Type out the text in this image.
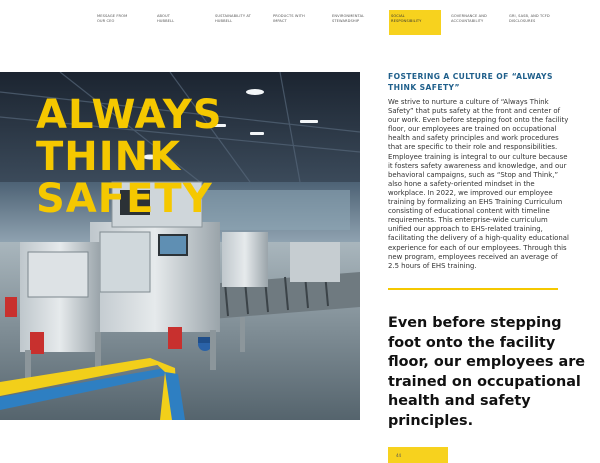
MESSAGE FROM
OUR CEO
ABOUT
HUBBELL
SUSTAINABILITY AT
HUBBELL
PRODUCTS WITH
IMPACT
ENVIRONMENTAL
STEWARDSHIP
SOCIAL
RESPONSIBILITY
GOVERNANCE AND
ACCOUNTABILITY
GRI, SASB, AND TCFD
DISCLOSURES
ALWAYS
THINK
SAFETY
FOSTERING A CULTURE OF “ALWAYS THINK SAFETY”
We strive to nurture a culture of “Always Think Safety” that puts safety at the front and center of our work. Even before stepping foot onto the facility floor, our employees are trained on occupational health and safety principles and work procedures that are specific to their role and responsibilities. Employee training is integral to our culture because it fosters safety awareness and knowledge, and our behavioral campaigns, such as “Stop and Think,” also hone a safety-oriented mindset in the workplace. In 2022, we improved our employee training by formalizing an EHS Training Curriculum consisting of educational content with timeline requirements. This enterprise-wide curriculum unified our approach to EHS-related training, facilitating the delivery of a high-quality educational experience for each of our employees. Through this new program, employees received an average of 2.5 hours of EHS training.
Even before stepping foot onto the facility floor, our employees are trained on occupational health and safety principles.
44
